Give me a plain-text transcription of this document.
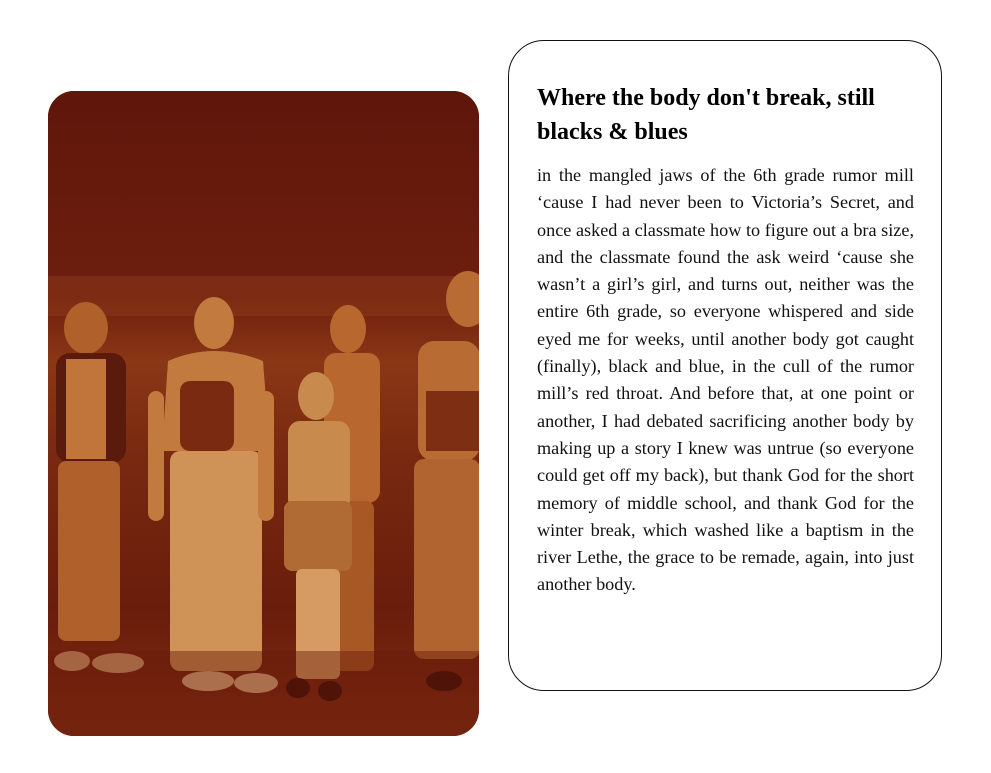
Where the body don't break, still blacks & blues

in the mangled jaws of the 6th grade rumor mill ‘cause I had never been to Victoria’s Secret, and once asked a classmate how to figure out a bra size, and the classmate found the ask weird ‘cause she wasn’t a girl’s girl, and turns out, neither was the entire 6th grade, so everyone whispered and side eyed me for weeks, until another body got caught (finally), black and blue, in the cull of the rumor mill’s red throat. And before that, at one point or another, I had debated sacrificing another body by making up a story I knew was untrue (so everyone could get off my back), but thank God for the short memory of middle school, and thank God for the winter break, which washed like a baptism in the river Lethe, the grace to be remade, again, into just another body.
